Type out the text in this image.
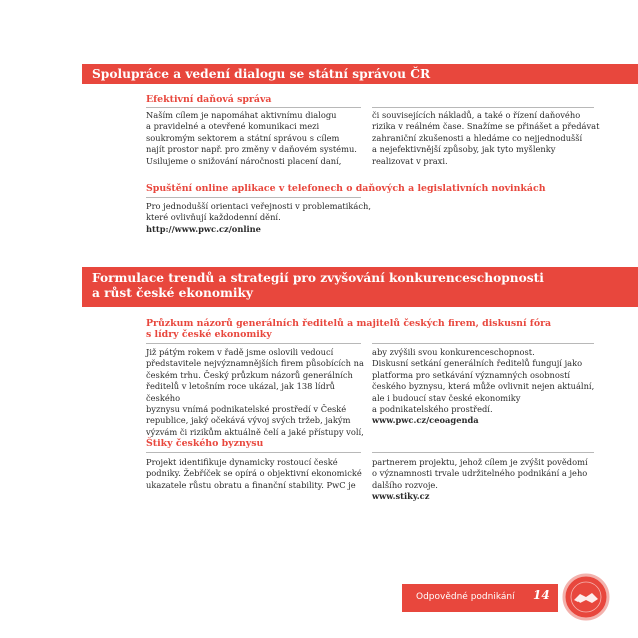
Spolupráce a vedení dialogu se státní správou ČR
Efektivní daňová správa

Naším cílem je napomáhat aktivnímu dialogu

a pravidelné a otevřené komunikaci mezi

soukromým sektorem a státní správou s cílem

najít prostor např. pro změny v daňovém systému.

Usilujeme o snižování náročnosti placení daní,

či souvisejících nákladů, a také o řízení daňového

rizika v reálném čase. Snažíme se přinášet a předávat

zahraniční zkušenosti a hledáme co nejjednodušší

a nejefektivnější způsoby, jak tyto myšlenky

realizovat v praxi.

Spuštění online aplikace v telefonech o daňových a legislativních novinkách

Pro jednodušší orientaci veřejnosti v problematikách,

které ovlivňují každodenní dění.

http://www.pwc.cz/online

Formulace trendů a strategií pro zvyšování konkurenceschopnosti
a růst české ekonomiky
Průzkum názorů generálních ředitelů a majitelů českých firem, diskusní fóra
s lídry české ekonomiky

Již pátým rokem v řadě jsme oslovili vedoucí

představitele nejvýznamnějších firem působících na

českém trhu. Český průzkum názorů generálních

ředitelů v letošním roce ukázal, jak 138 lídrů českého

byznysu vnímá podnikatelské prostředí v České

republice, jaký očekává vývoj svých tržeb, jakým

výzvám či rizikům aktuálně čelí a jaké přístupy volí,

aby zvýšili svou konkurenceschopnost.

Diskusní setkání generálních ředitelů fungují jako

platforma pro setkávání významných osobností

českého byznysu, která může ovlivnit nejen aktuální,

ale i budoucí stav české ekonomiky

a podnikatelského prostředí.

www.pwc.cz/ceoagenda

Štiky českého byznysu

Projekt identifikuje dynamicky rostoucí české

podniky. Žebříček se opírá o objektivní ekonomické

ukazatele růstu obratu a finanční stability. PwC je

partnerem projektu, jehož cílem je zvýšit povědomí

o významnosti trvale udržitelného podnikání a jeho

dalšího rozvoje.

www.stiky.cz

Odpovědné podnikání 14
